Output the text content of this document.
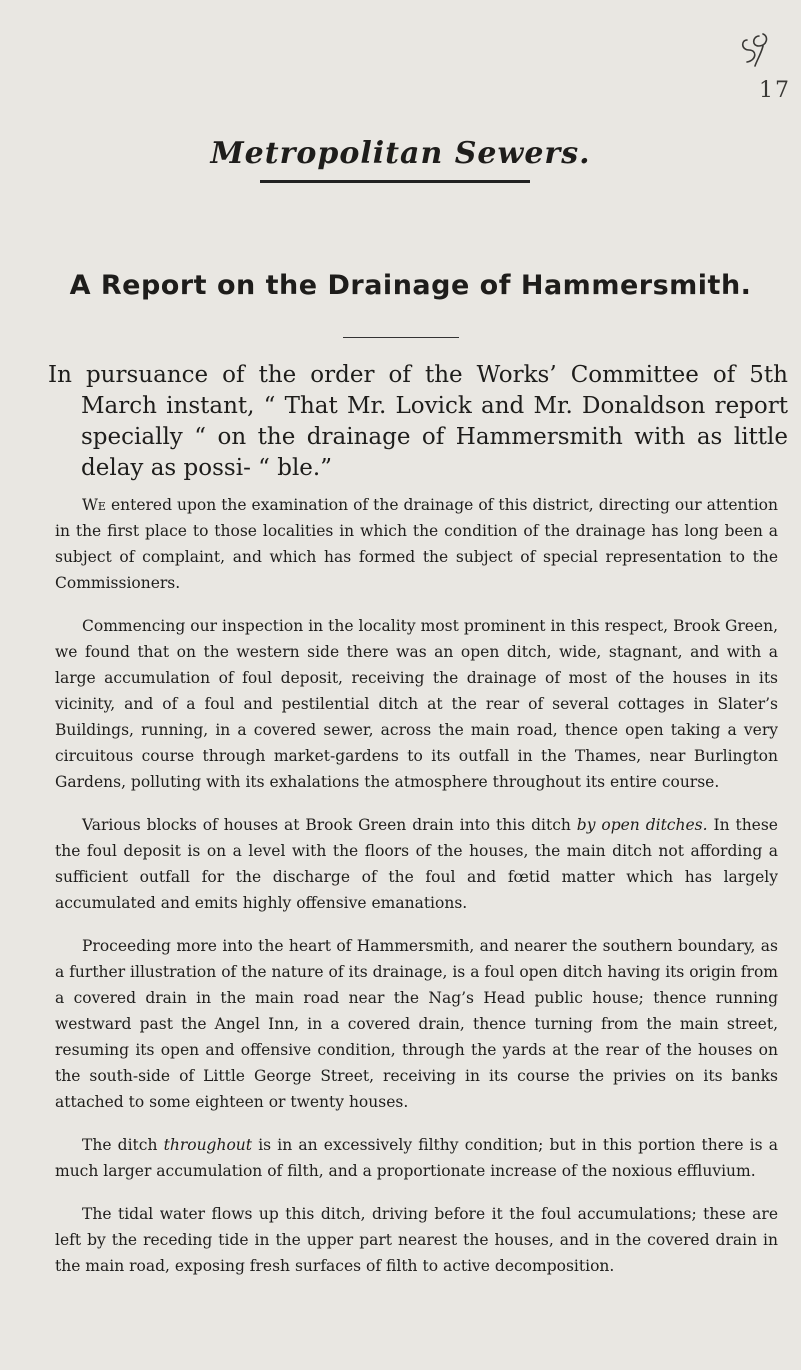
17
Metropolitan Sewers.
A Report on the Drainage of Hammersmith.

In pursuance of the order of the Works’ Committee of 5th March instant, “ That Mr. Lovick and Mr. Donaldson report specially “ on the drainage of Hammersmith with as little delay as possi- “ ble.”

We entered upon the examination of the drainage of this district, directing our attention in the first place to those localities in which the condition of the drainage has long been a subject of complaint, and which has formed the subject of special representation to the Commissioners.

Commencing our inspection in the locality most prominent in this respect, Brook Green, we found that on the western side there was an open ditch, wide, stagnant, and with a large accumulation of foul deposit, receiving the drainage of most of the houses in its vicinity, and of a foul and pestilential ditch at the rear of several cottages in Slater’s Buildings, running, in a covered sewer, across the main road, thence open taking a very circuitous course through market-gardens to its outfall in the Thames, near Burlington Gardens, polluting with its exhalations the atmosphere throughout its entire course.

Various blocks of houses at Brook Green drain into this ditch by open ditches. In these the foul deposit is on a level with the floors of the houses, the main ditch not affording a sufficient outfall for the discharge of the foul and fœtid matter which has largely accumulated and emits highly offensive emanations.

Proceeding more into the heart of Hammersmith, and nearer the southern boundary, as a further illustration of the nature of its drainage, is a foul open ditch having its origin from a covered drain in the main road near the Nag’s Head public house; thence running westward past the Angel Inn, in a covered drain, thence turning from the main street, resuming its open and offensive condition, through the yards at the rear of the houses on the south-side of Little George Street, receiving in its course the privies on its banks attached to some eighteen or twenty houses.

The ditch throughout is in an excessively filthy condition; but in this portion there is a much larger accumulation of filth, and a proportionate increase of the noxious effluvium.

The tidal water flows up this ditch, driving before it the foul accumulations; these are left by the receding tide in the upper part nearest the houses, and in the covered drain in the main road, exposing fresh surfaces of filth to active decomposition.
